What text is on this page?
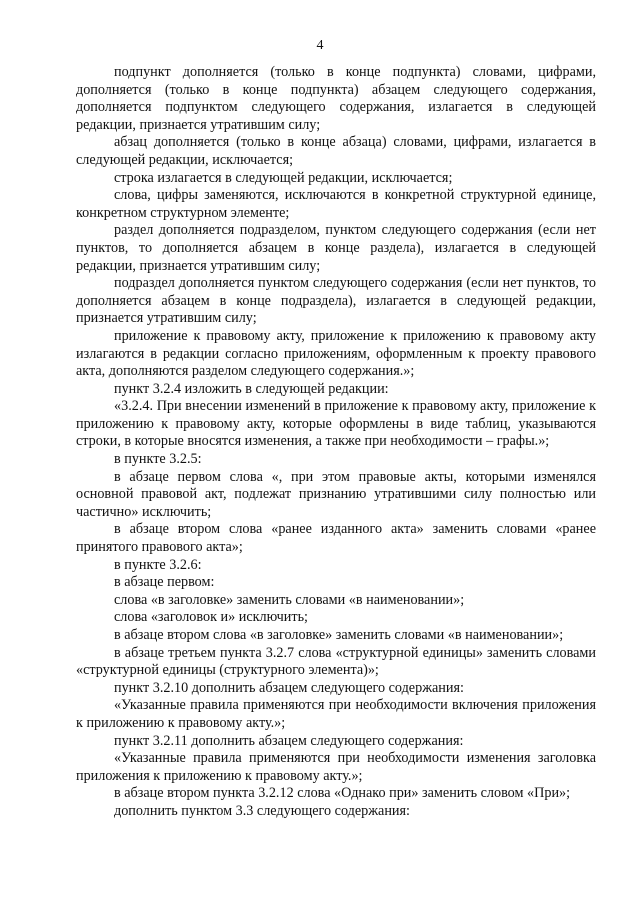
4

подпункт дополняется (только в конце подпункта) словами, цифрами, дополняется (только в конце подпункта) абзацем следующего содержания, дополняется подпунктом следующего содержания, излагается в следующей редакции, признается утратившим силу;

абзац дополняется (только в конце абзаца) словами, цифрами, излагается в следующей редакции, исключается;

строка излагается в следующей редакции, исключается;

слова, цифры заменяются, исключаются в конкретной структурной единице, конкретном структурном элементе;

раздел дополняется подразделом, пунктом следующего содержания (если нет пунктов, то дополняется абзацем в конце раздела), излагается в следующей редакции, признается утратившим силу;

подраздел дополняется пунктом следующего содержания (если нет пунктов, то дополняется абзацем в конце подраздела), излагается в следующей редакции, признается утратившим силу;

приложение к правовому акту, приложение к приложению к правовому акту излагаются в редакции согласно приложениям, оформленным к проекту правового акта, дополняются разделом следующего содержания.»;

пункт 3.2.4 изложить в следующей редакции:

«3.2.4. При внесении изменений в приложение к правовому акту, приложение к приложению к правовому акту, которые оформлены в виде таблиц, указываются строки, в которые вносятся изменения, а также при необходимости – графы.»;

в пункте 3.2.5:

в абзаце первом слова «, при этом правовые акты, которыми изменялся основной правовой акт, подлежат признанию утратившими силу полностью или частично» исключить;

в абзаце втором слова «ранее изданного акта» заменить словами «ранее принятого правового акта»;

в пункте 3.2.6:

в абзаце первом:

слова «в заголовке» заменить словами «в наименовании»;

слова «заголовок и» исключить;

в абзаце втором слова «в заголовке» заменить словами «в наименовании»;

в абзаце третьем пункта 3.2.7 слова «структурной единицы» заменить словами «структурной единицы (структурного элемента)»;

пункт 3.2.10 дополнить абзацем следующего содержания:

«Указанные правила применяются при необходимости включения приложения к приложению к правовому акту.»;

пункт 3.2.11 дополнить абзацем следующего содержания:

«Указанные правила применяются при необходимости изменения заголовка приложения к приложению к правовому акту.»;

в абзаце втором пункта 3.2.12 слова «Однако при» заменить словом «При»;

дополнить пунктом 3.3 следующего содержания:
